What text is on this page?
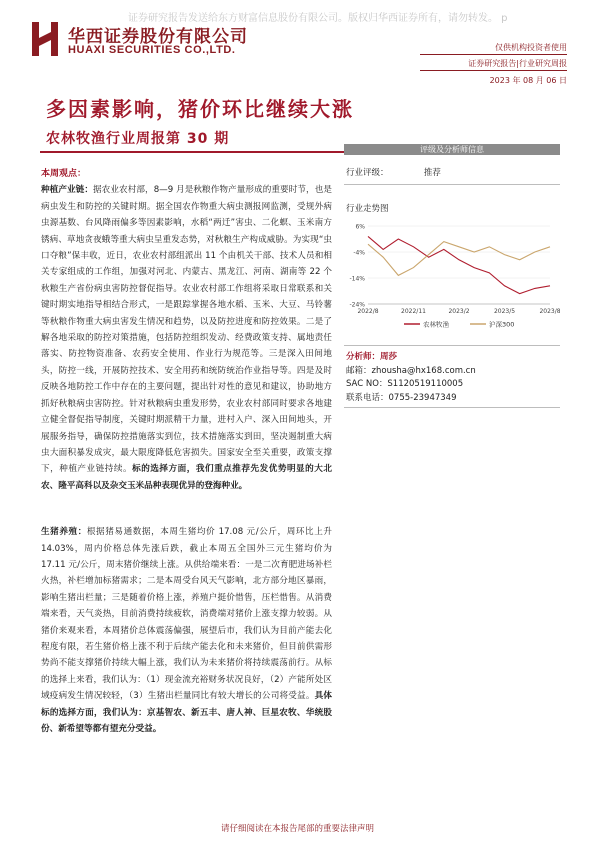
证券研究报告发送给东方财富信息股份有限公司。版权归华西证券所有，请勿转发。 p
华西证券股份有限公司
HUAXI SECURITIES CO.,LTD.	仅供机构投资者使用
证券研究报告|行业研究周报
2023 年 08 月 06 日
多因素影响，猪价环比继续大涨
农林牧渔行业周报第 30 期
本周观点：

种植产业链：据农业农村部，8—9 月是秋粮作物产量形成的重要时节，也是病虫发生和防控的关键时期。据全国农作物重大病虫测报网监测，受规外病虫源基数、台风降雨偏多等因素影响，水稻“两迁”害虫、二化螟、玉米南方锈病、草地贪夜蛾等重大病虫呈重发态势，对秋粮生产构成威胁。为实现“虫口夺粮”保丰收，近日，农业农村部组派出 11 个由机关干部、技术人员和相关专家组成的工作组，加强对河北、内蒙古、黑龙江、河南、湖南等 22 个秋粮生产省份病虫害防控督促指导。农业农村部工作组将采取日常联系和关键时期实地指导相结合形式，一是跟踪掌握各地水稻、玉米、大豆、马铃薯等秋粮作物重大病虫害发生情况和趋势，以及防控进度和防控效果。二是了解各地采取的防控对策措施，包括防控组织发动、经费政策支持、属地责任落实、防控物资准备、农药安全使用、作业行为规范等。三是深入田间地头，防控一线，开展防控技术、安全用药和统防统治作业指导等。四是及时反映各地防控工作中存在的主要问题，提出针对性的意见和建议，协助地方抓好秋粮病虫害防控。针对秋粮病虫重发形势，农业农村部同时要求各地建立健全督促指导制度，关键时期派精干力量，进村入户、深入田间地头，开展服务指导，确保防控措施落实到位，技术措施落实到田，坚决遏制重大病虫大面积暴发成灾，最大限度降低危害损失。国家安全至关重要，政策支撑下，种植产业链持续。标的选择方面，我们重点推荐先发优势明显的大北农、隆平高科以及杂交玉米品种表现优异的登海种业。

生猪养殖：根据猪易通数据，本周生猪均价 17.08 元/公斤，周环比上升 14.03%，周内价格总体先涨后跌，截止本周五全国外三元生猪均价为 17.11 元/公斤，周末猪价继续上涨。从供给端来看：一是二次育肥进场补栏火热，补栏增加标猪需求；二是本周受台风天气影响，北方部分地区暴雨，影响生猪出栏量；三是随着价格上涨，养殖户挺价惜售，压栏惜售。从消费端来看，天气炎热，目前消费持续疲软，消费端对猪价上涨支撑力较弱。从猪价来观来看，本周猪价总体震荡偏强，展望后市，我们认为目前产能去化程度有限，若生猪价格上涨不利于后续产能去化和未来猪价，但目前供需形势尚不能支撑猪价持续大幅上涨，我们认为未来猪价将持续震荡前行。从标的选择上来看，我们认为：（1）现金流充裕财务状况良好，（2）产能所处区域疫病发生情况较轻，（3）生猪出栏量同比有较大增长的公司将受益。具体标的选择方面，我们认为：京基智农、新五丰、唐人神、巨星农牧、华统股份、新希望等都有望充分受益。

评级及分析师信息
行业评级：	推荐
行业走势图
6%
-4%
-14%
-24%
2022/8	2022/11	2023/2	2023/5	2023/8
农林牧渔	沪深300
分析师：周莎
邮箱：zhousha@hx168.com.cn
SAC NO：S1120519110005
联系电话：0755-23947349
请仔细阅读在本报告尾部的重要法律声明
